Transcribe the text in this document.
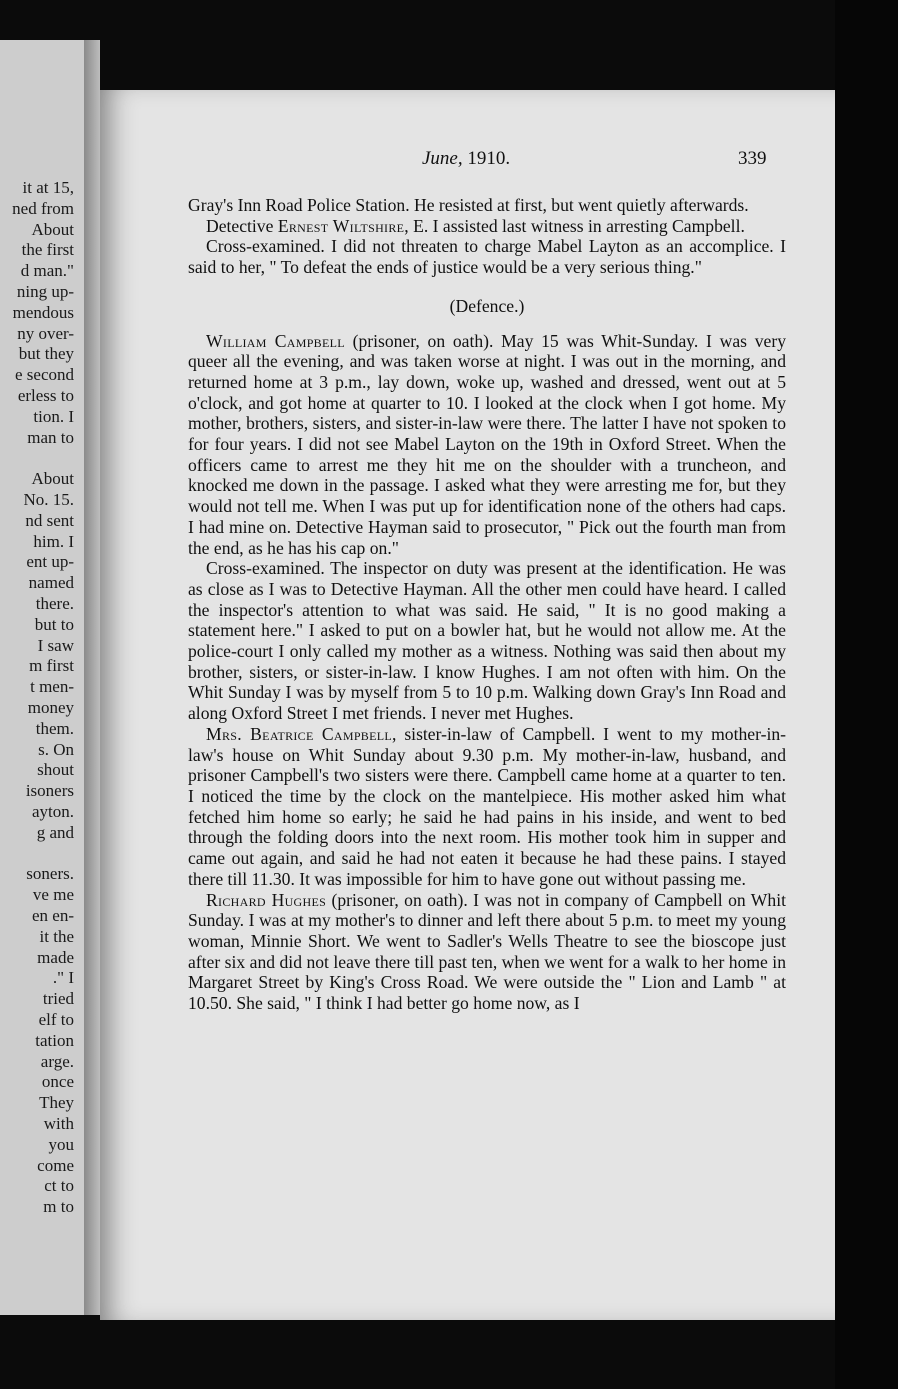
it at 15,
ned from
About
the first
d man."
ning up-
mendous
ny over-
but they
e second
erless to
tion. I
man to
About
No. 15.
nd sent
him. I
ent up-
named
there.
but to
I saw
m first
t men-
money
them.
s. On
shout
isoners
ayton.
g and
soners.
ve me
en en-
it the
made
." I
tried
elf to
tation
arge.
once
They
with
you
come
ct to
m to
June, 1910.	339

Gray's Inn Road Police Station. He resisted at first, but went quietly afterwards.

Detective Ernest Wiltshire, E. I assisted last witness in arresting Campbell.

Cross-examined. I did not threaten to charge Mabel Layton as an accomplice. I said to her, " To defeat the ends of justice would be a very serious thing."

(Defence.)

William Campbell (prisoner, on oath). May 15 was Whit-Sunday. I was very queer all the evening, and was taken worse at night. I was out in the morning, and returned home at 3 p.m., lay down, woke up, washed and dressed, went out at 5 o'clock, and got home at quarter to 10. I looked at the clock when I got home. My mother, brothers, sisters, and sister-in-law were there. The latter I have not spoken to for four years. I did not see Mabel Layton on the 19th in Oxford Street. When the officers came to arrest me they hit me on the shoulder with a truncheon, and knocked me down in the passage. I asked what they were arresting me for, but they would not tell me. When I was put up for identification none of the others had caps. I had mine on. Detective Hayman said to prosecutor, " Pick out the fourth man from the end, as he has his cap on."

Cross-examined. The inspector on duty was present at the identification. He was as close as I was to Detective Hayman. All the other men could have heard. I called the inspector's attention to what was said. He said, " It is no good making a statement here." I asked to put on a bowler hat, but he would not allow me. At the police-court I only called my mother as a witness. Nothing was said then about my brother, sisters, or sister-in-law. I know Hughes. I am not often with him. On the Whit Sunday I was by myself from 5 to 10 p.m. Walking down Gray's Inn Road and along Oxford Street I met friends. I never met Hughes.

Mrs. Beatrice Campbell, sister-in-law of Campbell. I went to my mother-in-law's house on Whit Sunday about 9.30 p.m. My mother-in-law, husband, and prisoner Campbell's two sisters were there. Campbell came home at a quarter to ten. I noticed the time by the clock on the mantelpiece. His mother asked him what fetched him home so early; he said he had pains in his inside, and went to bed through the folding doors into the next room. His mother took him in supper and came out again, and said he had not eaten it because he had these pains. I stayed there till 11.30. It was impossible for him to have gone out without passing me.

Richard Hughes (prisoner, on oath). I was not in company of Campbell on Whit Sunday. I was at my mother's to dinner and left there about 5 p.m. to meet my young woman, Minnie Short. We went to Sadler's Wells Theatre to see the bioscope just after six and did not leave there till past ten, when we went for a walk to her home in Margaret Street by King's Cross Road. We were outside the " Lion and Lamb " at 10.50. She said, " I think I had better go home now, as I
